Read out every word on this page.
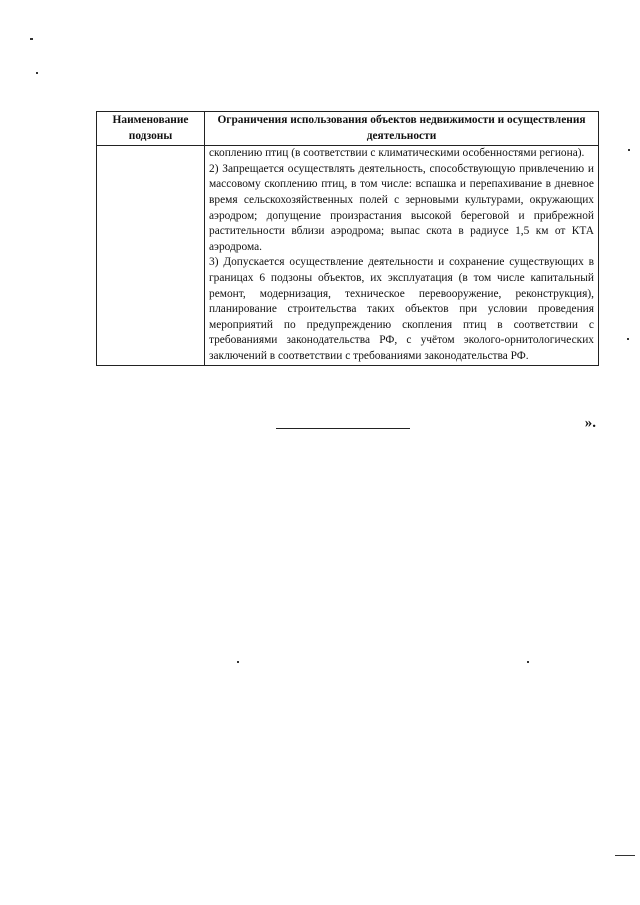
Наименование подзоны	Ограничения использования объектов недвижимости и осуществления деятельности

	скоплению птиц (в соответствии с климатическими особенностями региона).

2) Запрещается осуществлять деятельность, способствующую привлечению и массовому скоплению птиц, в том числе: вспашка и перепахивание в дневное время сельскохозяйственных полей с зерновыми культурами, окружающих аэродром; допущение произрастания высокой береговой и прибрежной растительности вблизи аэродрома; выпас скота в радиусе 1,5 км от КТА аэродрома.

3) Допускается осуществление деятельности и сохранение существующих в границах 6 подзоны объектов, их эксплуатация (в том числе капитальный ремонт, модернизация, техническое перевооружение, реконструкция), планирование строительства таких объектов при условии проведения мероприятий по предупреждению скопления птиц в соответствии с требованиями законодательства РФ, с учётом эколого-орнитологических заключений в соответствии с требованиями законодательства РФ.

».
